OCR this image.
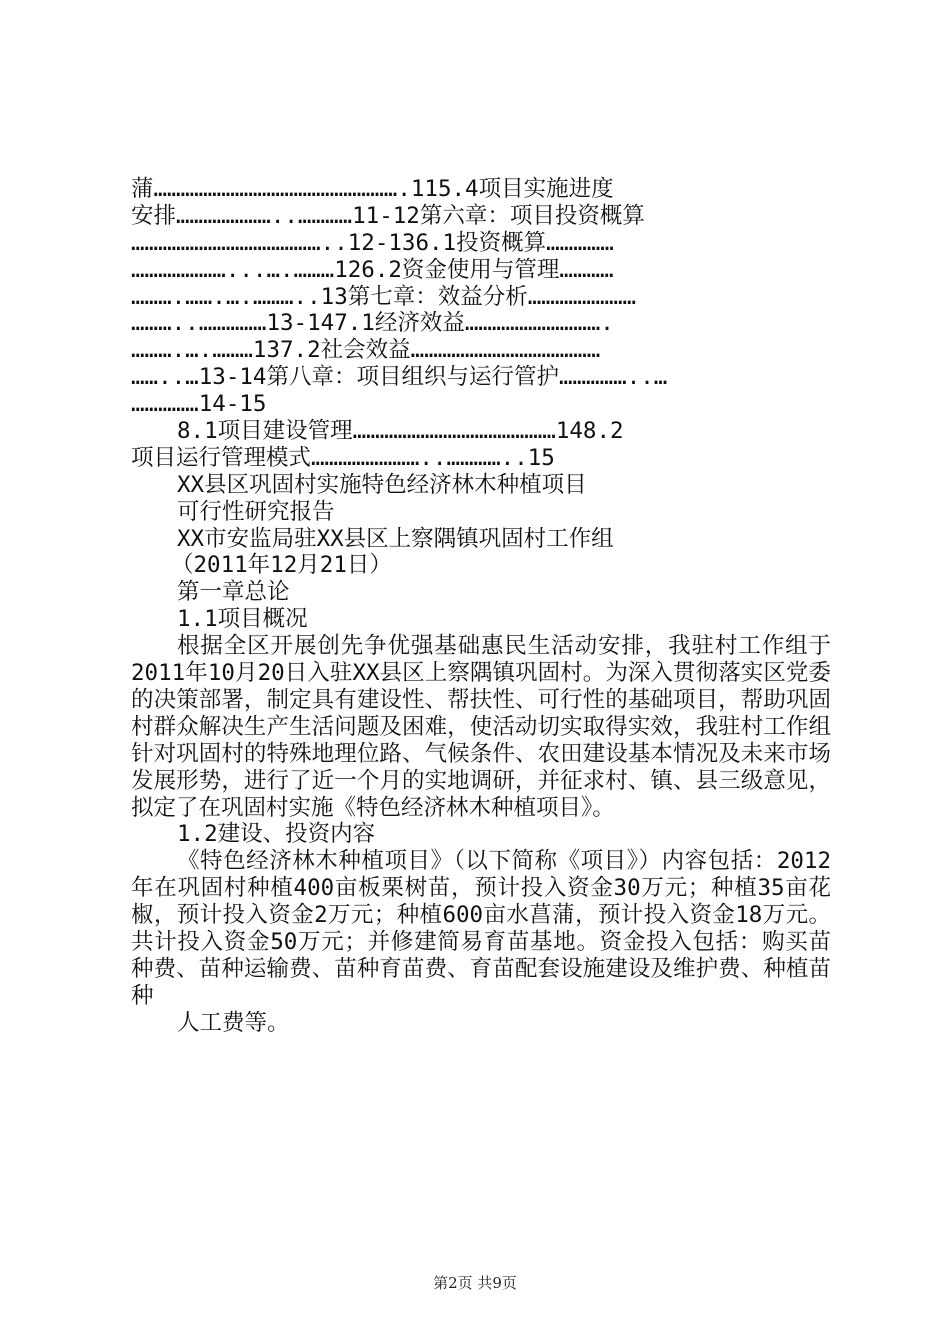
蒲……………………………………………….115.4项目实施进度
安排…………………..…………11-12第六章：项目投资概算
……………………………………..12-136.1投资概算……………
…………………...….………126.2资金使用与管理…………
……….…….….………..13第七章：效益分析……………………
………..……………13-147.1经济效益………………………….
……….….………137.2社会效益……………………………………
……..…13-14第八章：项目组织与运行管护……………..…
……………14-15
8.1项目建设管理………………………………………148.2
项目运行管理模式……………………..…………..15
XX县区巩固村实施特色经济林木种植项目
可行性研究报告
XX市安监局驻XX县区上察隅镇巩固村工作组
（2011年12月21日）
第一章总论
1.1项目概况

根据全区开展创先争优强基础惠民生活动安排，我驻村工作组于2011年10月20日入驻XX县区上察隅镇巩固村。为深入贯彻落实区党委的决策部署，制定具有建设性、帮扶性、可行性的基础项目，帮助巩固村群众解决生产生活问题及困难，使活动切实取得实效，我驻村工作组针对巩固村的特殊地理位路、气候条件、农田建设基本情况及未来市场发展形势，进行了近一个月的实地调研，并征求村、镇、县三级意见，拟定了在巩固村实施《特色经济林木种植项目》。

1.2建设、投资内容

《特色经济林木种植项目》（以下简称《项目》）内容包括：2012年在巩固村种植400亩板栗树苗，预计投入资金30万元；种植35亩花椒，预计投入资金2万元；种植600亩水菖蒲，预计投入资金18万元。共计投入资金50万元；并修建简易育苗基地。资金投入包括：购买苗种费、苗种运输费、苗种育苗费、育苗配套设施建设及维护费、种植苗种

人工费等。
第2页 共9页
